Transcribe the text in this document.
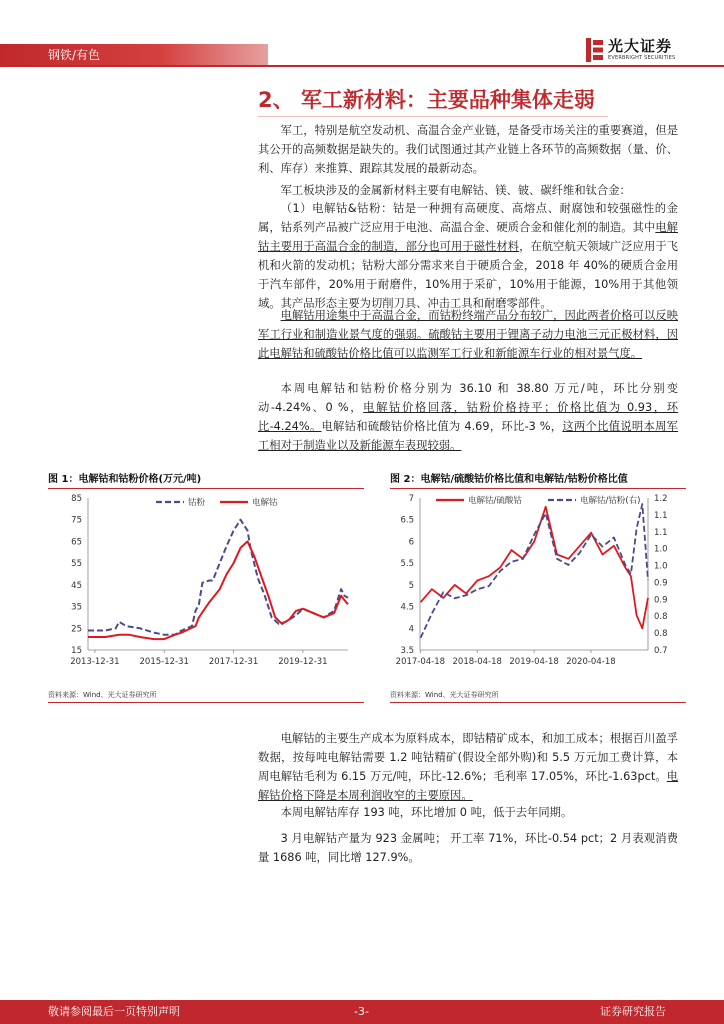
钢铁/有色	光大证券
EVERBRIGHT SECURITIES
2、 军工新材料：主要品种集体走弱

军工，特别是航空发动机、高温合金产业链，是备受市场关注的重要赛道，但是其公开的高频数据是缺失的。我们试图通过其产业链上各环节的高频数据（量、价、利、库存）来推算、跟踪其发展的最新动态。

军工板块涉及的金属新材料主要有电解钴、镁、铍、碳纤维和钛合金：

（1）电解钴&钴粉：钴是一种拥有高硬度、高熔点、耐腐蚀和较强磁性的金属，钴系列产品被广泛应用于电池、高温合金、硬质合金和催化剂的制造。其中电解钴主要用于高温合金的制造，部分也可用于磁性材料，在航空航天领域广泛应用于飞机和火箭的发动机；钴粉大部分需求来自于硬质合金，2018 年 40%的硬质合金用于汽车部件，20%用于耐磨件，10%用于采矿，10%用于能源，10%用于其他领域。其产品形态主要为切削刀具、冲击工具和耐磨零部件。

电解钴用途集中于高温合金，而钴粉终端产品分布较广，因此两者价格可以反映军工行业和制造业景气度的强弱。硫酸钴主要用于锂离子动力电池三元正极材料，因此电解钴和硫酸钴价格比值可以监测军工行业和新能源车行业的相对景气度。

本周电解钴和钴粉价格分别为 36.10 和 38.80 万元/吨，环比分别变动-4.24%、0 %，电解钴价格回落，钴粉价格持平；价格比值为 0.93，环比-4.24%。电解钴和硫酸钴价格比值为 4.69，环比-3 %，这两个比值说明本周军工相对于制造业以及新能源车表现较弱。

图 1：电解钴和钴粉价格(万元/吨)
85
75
65
55
45
35
25
15
2013-12-31 2015-12-31 2017-12-31 2019-12-31
钴粉	电解钴
资料来源：Wind、光大证券研究所
图 2：电解钴/硫酸钴价格比值和电解钴/钴粉价格比值
7
6.5
6
5.5
5
4.5
4
3.5
1.2
1.1
1.1
1.0
1.0
0.9
0.9
0.8
0.8
0.7
2017-04-18 2018-04-18 2019-04-18 2020-04-18
电解钴/硫酸钴	电解钴/钴粉(右)
资料来源：Wind、光大证券研究所

电解钴的主要生产成本为原料成本，即钴精矿成本，和加工成本；根据百川盈孚数据，按每吨电解钴需要 1.2 吨钴精矿(假设全部外购)和 5.5 万元加工费计算，本周电解钴毛利为 6.15 万元/吨，环比-12.6%；毛利率 17.05%，环比-1.63pct。电解钴价格下降是本周利润收窄的主要原因。

本周电解钴库存 193 吨，环比增加 0 吨，低于去年同期。

3 月电解钴产量为 923 金属吨； 开工率 71%，环比-0.54 pct；2 月表观消费量 1686 吨，同比增 127.9%。

敬请参阅最后一页特别声明	-3-	证券研究报告
